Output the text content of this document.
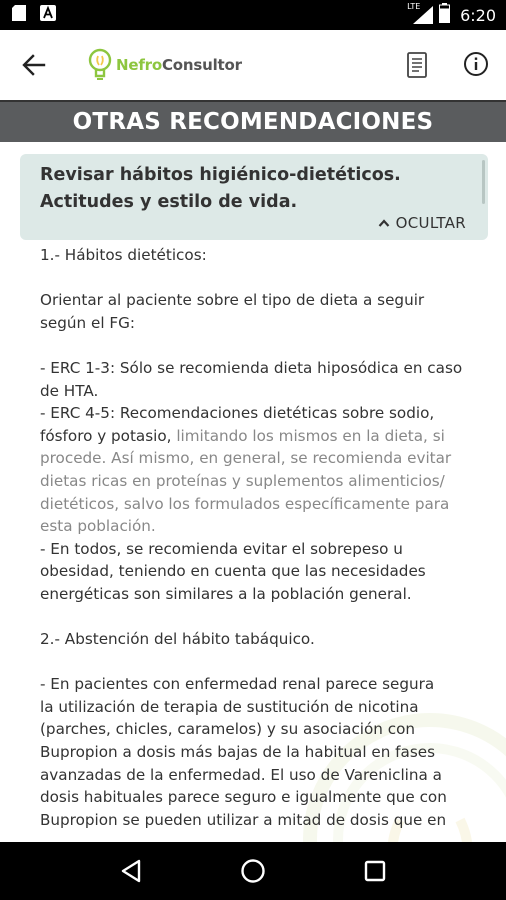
LTE 6:20
NefroConsultor
OTRAS RECOMENDACIONES
Revisar hábitos higiénico-dietéticos.
Actitudes y estilo de vida.
OCULTAR
1.- Hábitos dietéticos:
Orientar al paciente sobre el tipo de dieta a seguir
según el FG:
- ERC 1-3: Sólo se recomienda dieta hiposódica en caso
de HTA.
- ERC 4-5: Recomendaciones dietéticas sobre sodio,
fósforo y potasio, limitando los mismos en la dieta, si
procede. Así mismo, en general, se recomienda evitar
dietas ricas en proteínas y suplementos alimenticios/
dietéticos, salvo los formulados específicamente para
esta población.
- En todos, se recomienda evitar el sobrepeso u
obesidad, teniendo en cuenta que las necesidades
energéticas son similares a la población general.
2.- Abstención del hábito tabáquico.
- En pacientes con enfermedad renal parece segura
la utilización de terapia de sustitución de nicotina
(parches, chicles, caramelos) y su asociación con
Bupropion a dosis más bajas de la habitual en fases
avanzadas de la enfermedad. El uso de Vareniclina a
dosis habituales parece seguro e igualmente que con
Bupropion se pueden utilizar a mitad de dosis que en
